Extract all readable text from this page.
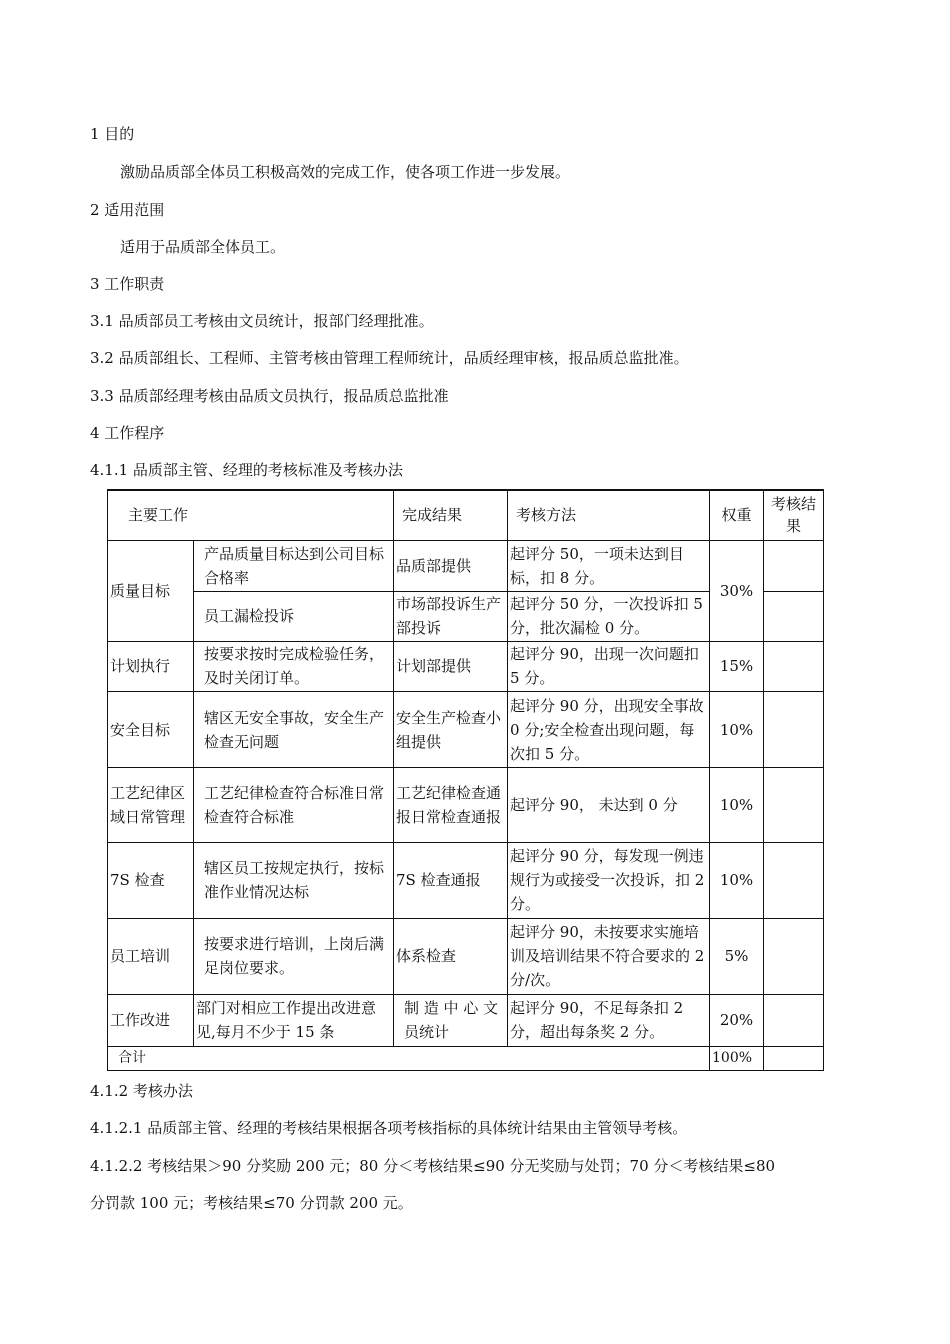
1 目的
激励品质部全体员工积极高效的完成工作，使各项工作进一步发展。
2 适用范围
适用于品质部全体员工。
3 工作职责
3.1 品质部员工考核由文员统计，报部门经理批准。
3.2 品质部组长、工程师、主管考核由管理工程师统计，品质经理审核，报品质总监批准。
3.3 品质部经理考核由品质文员执行，报品质总监批准
4 工作程序
4.1.1 品质部主管、经理的考核标准及考核办法
主要工作		完成结果	考核方法	权重	考核结果
质量目标	产品质量目标达到公司目标合格率	品质部提供	起评分 50，一项未达到目标，扣 8 分。	30%	
	员工漏检投诉	市场部投诉生产部投诉	起评分 50 分，一次投诉扣 5 分，批次漏检 0 分。		
计划执行	按要求按时完成检验任务，及时关闭订单。	计划部提供	起评分 90，出现一次问题扣 5 分。	15%	
安全目标	辖区无安全事故，安全生产检查无问题	安全生产检查小组提供	起评分 90 分，出现安全事故 0 分;安全检查出现问题，每次扣 5 分。	10%	
工艺纪律区域日常管理	工艺纪律检查符合标准日常检查符合标准	工艺纪律检查通报日常检查通报	起评分 90， 未达到 0 分	10%	
7S 检查	辖区员工按规定执行，按标准作业情况达标	7S 检查通报	起评分 90 分，每发现一例违规行为或接受一次投诉，扣 2 分。	10%	
员工培训	按要求进行培训，上岗后满足岗位要求。	体系检查	起评分 90，未按要求实施培训及培训结果不符合要求的 2 分/次。	5%	
工作改进	部门对相应工作提出改进意见,每月不少于 15 条	制 造 中 心 文员统计	起评分 90，不足每条扣 2 分，超出每条奖 2 分。	20%	
合计				100%	
4.1.2 考核办法
4.1.2.1 品质部主管、经理的考核结果根据各项考核指标的具体统计结果由主管领导考核。
4.1.2.2 考核结果＞90 分奖励 200 元；80 分＜考核结果≤90 分无奖励与处罚；70 分＜考核结果≤80
分罚款 100 元；考核结果≤70 分罚款 200 元。
